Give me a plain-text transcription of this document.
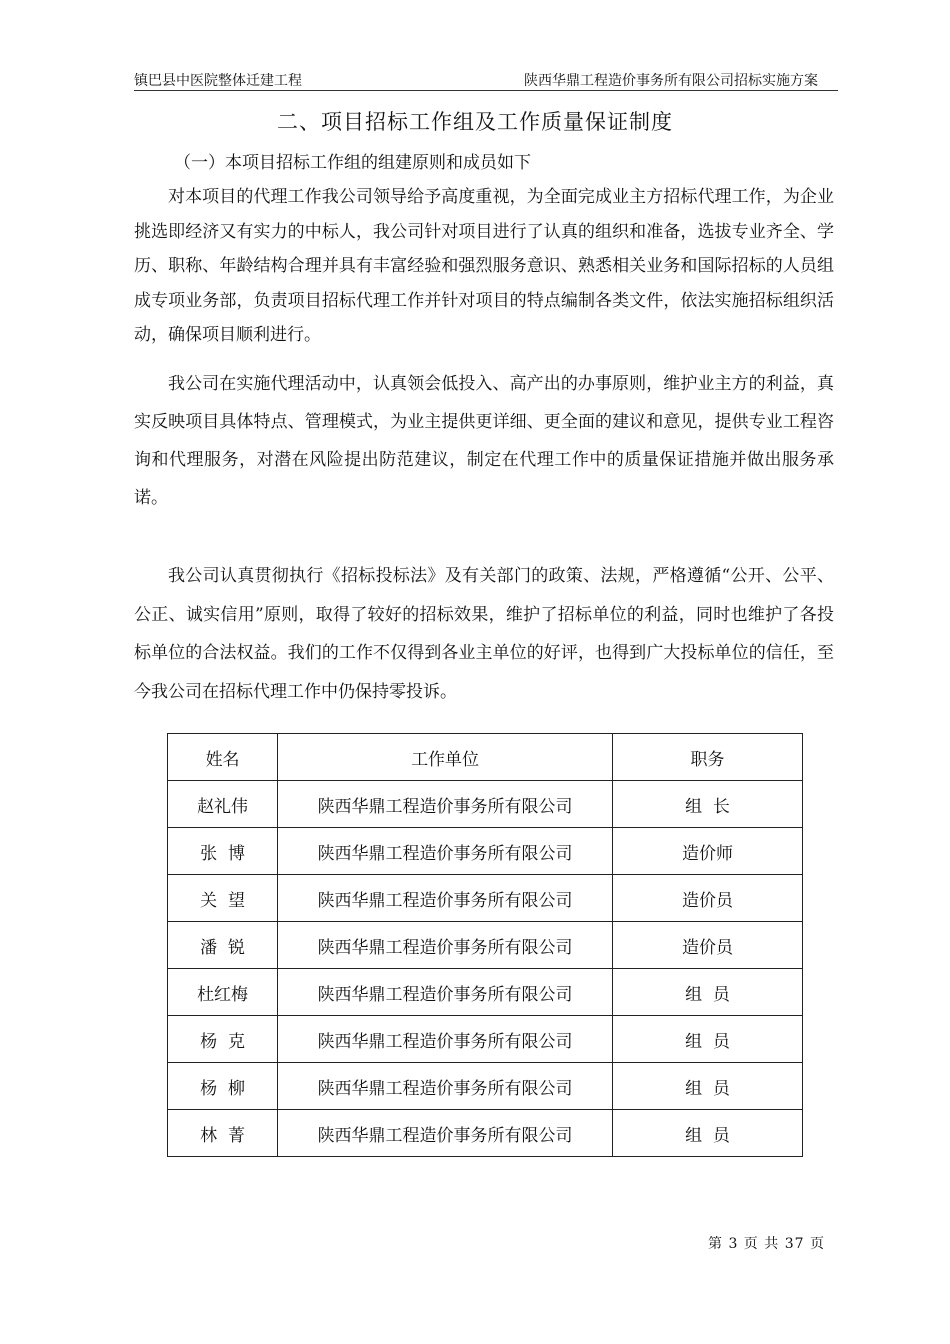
镇巴县中医院整体迁建工程	陕西华鼎工程造价事务所有限公司招标实施方案
二、项目招标工作组及工作质量保证制度
（一）本项目招标工作组的组建原则和成员如下

对本项目的代理工作我公司领导给予高度重视，为全面完成业主方招标代理工作，为企业挑选即经济又有实力的中标人，我公司针对项目进行了认真的组织和准备，选拔专业齐全、学历、职称、年龄结构合理并具有丰富经验和强烈服务意识、熟悉相关业务和国际招标的人员组成专项业务部，负责项目招标代理工作并针对项目的特点编制各类文件，依法实施招标组织活动，确保项目顺利进行。

我公司在实施代理活动中，认真领会低投入、高产出的办事原则，维护业主方的利益，真实反映项目具体特点、管理模式，为业主提供更详细、更全面的建议和意见，提供专业工程咨询和代理服务，对潜在风险提出防范建议，制定在代理工作中的质量保证措施并做出服务承诺。

我公司认真贯彻执行《招标投标法》及有关部门的政策、法规，严格遵循“公开、公平、公正、诚实信用”原则，取得了较好的招标效果，维护了招标单位的利益，同时也维护了各投标单位的合法权益。我们的工作不仅得到各业主单位的好评，也得到广大投标单位的信任，至今我公司在招标代理工作中仍保持零投诉。

姓名	工作单位	职务
赵礼伟	陕西华鼎工程造价事务所有限公司	组  长
张  博	陕西华鼎工程造价事务所有限公司	造价师
关  望	陕西华鼎工程造价事务所有限公司	造价员
潘  锐	陕西华鼎工程造价事务所有限公司	造价员
杜红梅	陕西华鼎工程造价事务所有限公司	组  员
杨  克	陕西华鼎工程造价事务所有限公司	组  员
杨  柳	陕西华鼎工程造价事务所有限公司	组  员
林  菁	陕西华鼎工程造价事务所有限公司	组  员
第 3 页 共 37 页
